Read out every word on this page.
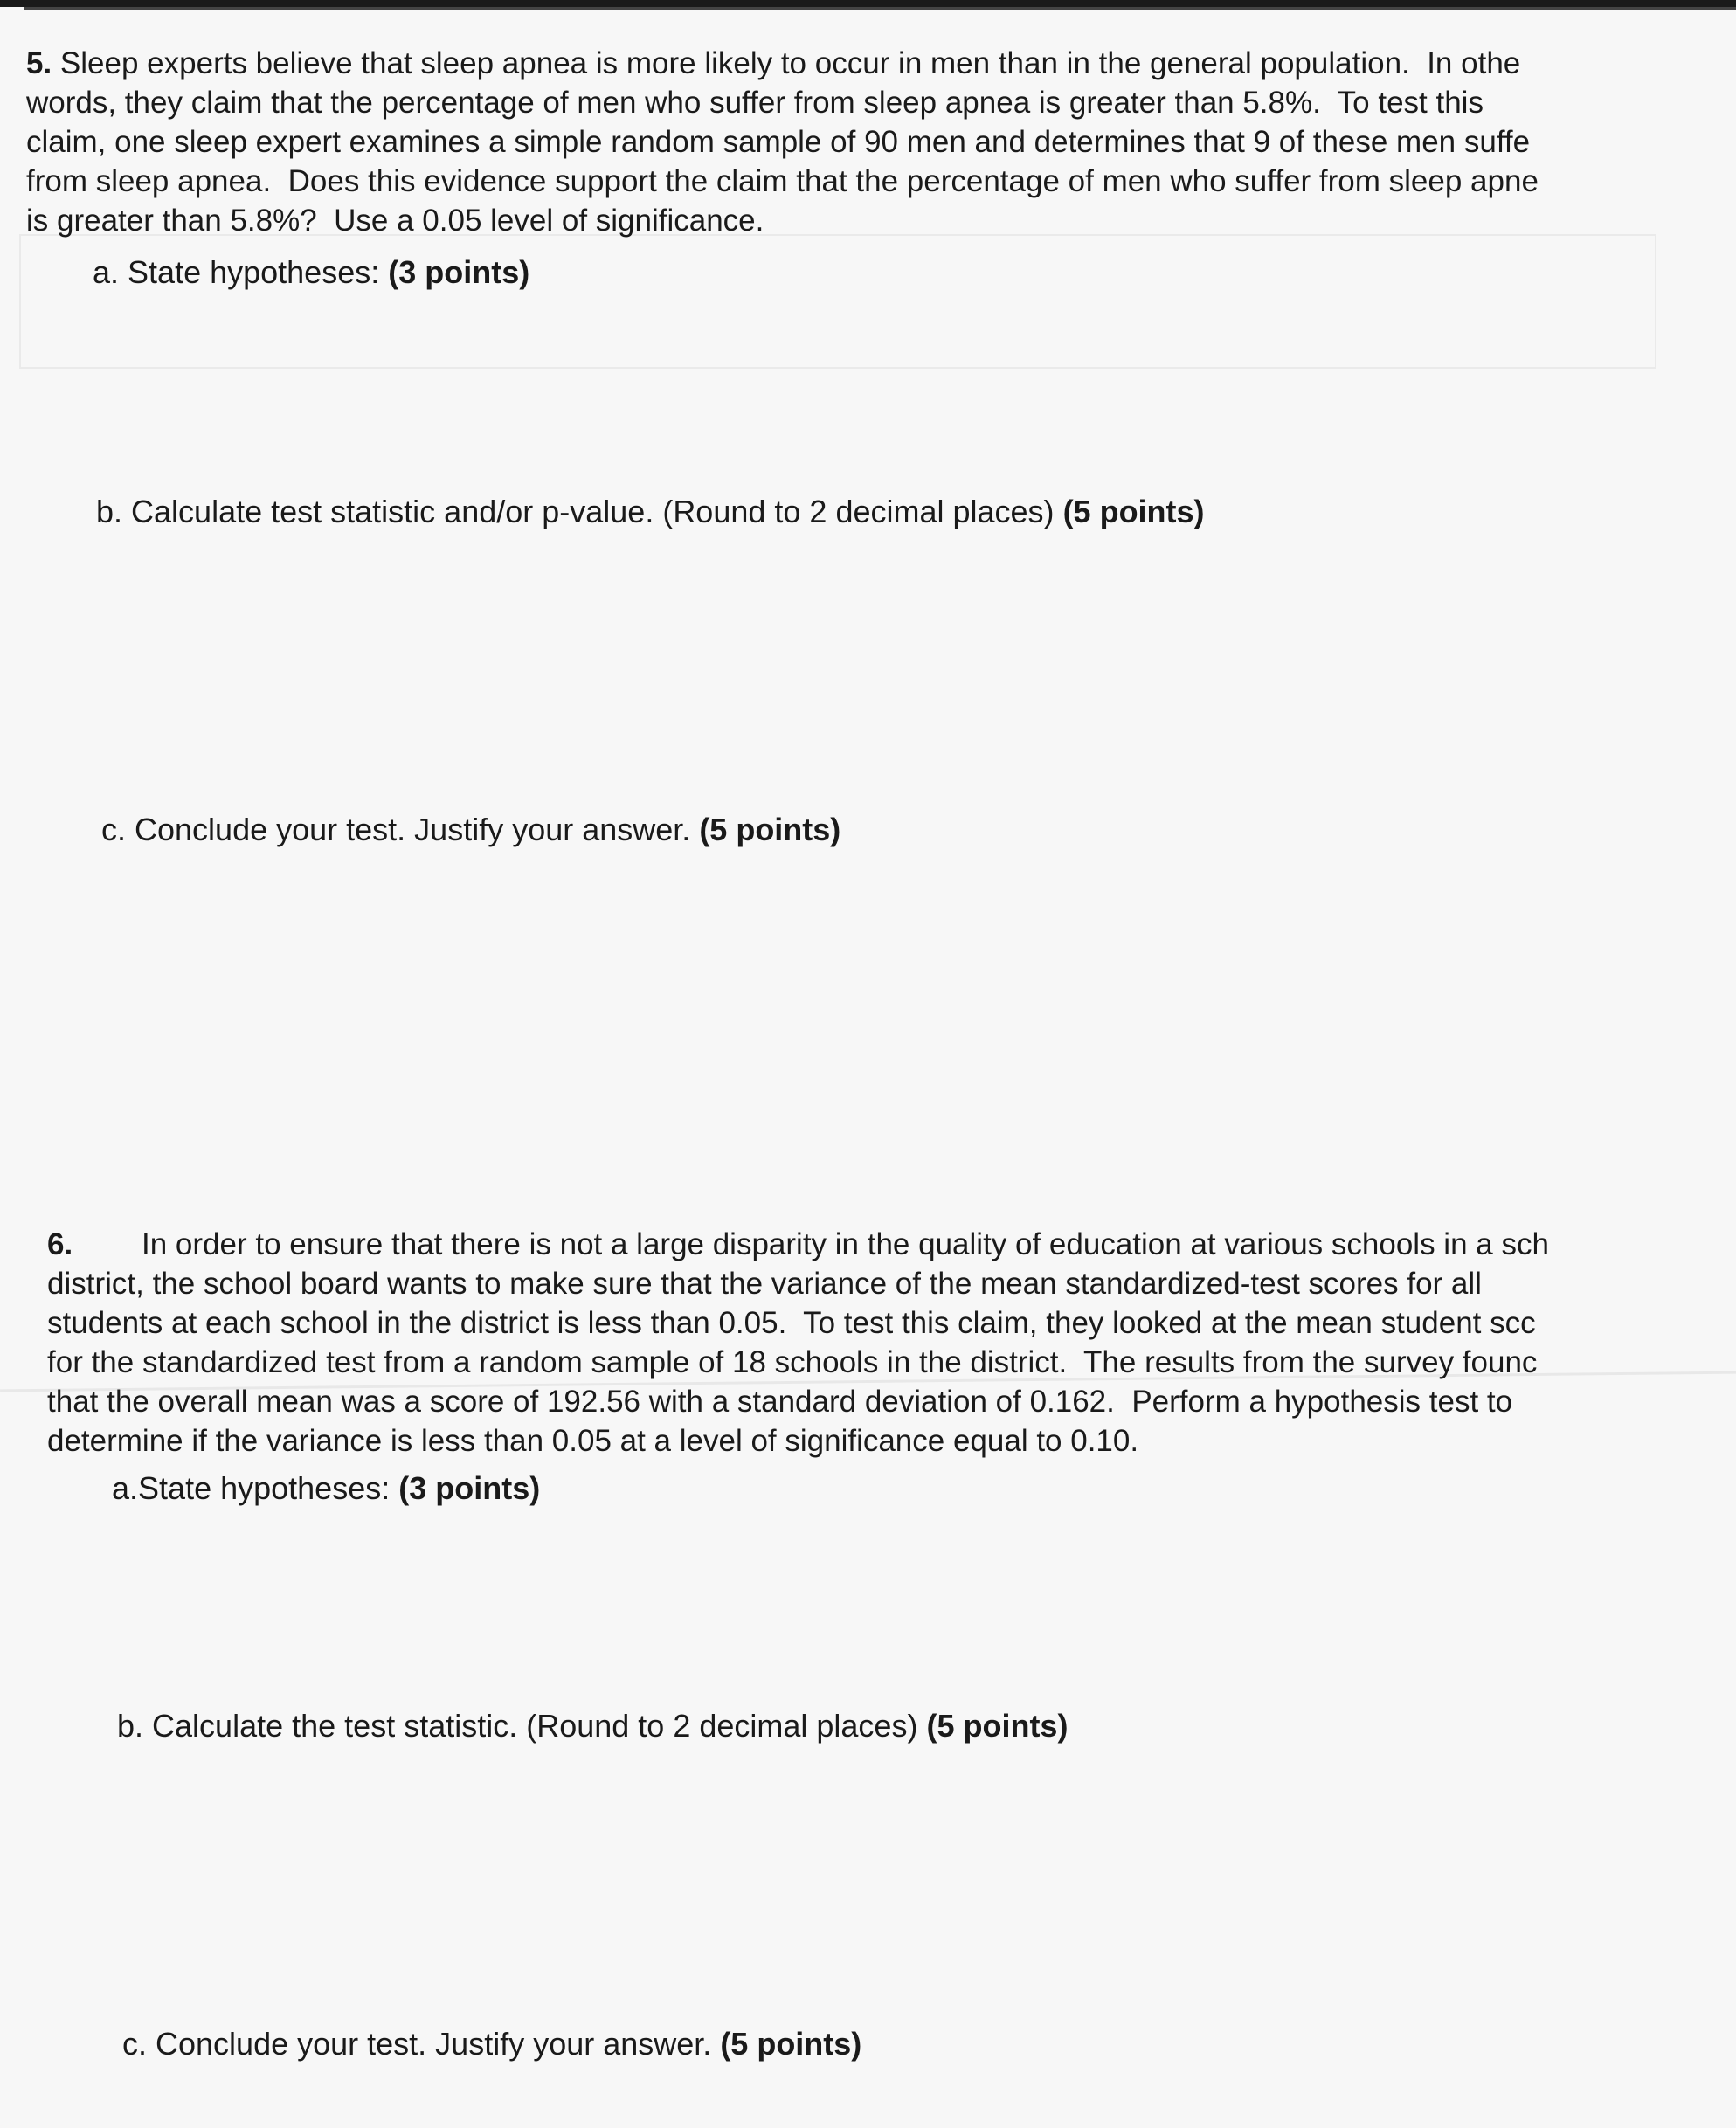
5. Sleep experts believe that sleep apnea is more likely to occur in men than in the general population.  In othe
words, they claim that the percentage of men who suffer from sleep apnea is greater than 5.8%.  To test this
claim, one sleep expert examines a simple random sample of 90 men and determines that 9 of these men suffe
from sleep apnea.  Does this evidence support the claim that the percentage of men who suffer from sleep apne
is greater than 5.8%?  Use a 0.05 level of significance.
a. State hypotheses: (3 points)
b. Calculate test statistic and/or p-value. (Round to 2 decimal places) (5 points)
c. Conclude your test. Justify your answer. (5 points)
6. In order to ensure that there is not a large disparity in the quality of education at various schools in a sch
district, the school board wants to make sure that the variance of the mean standardized-test scores for all
students at each school in the district is less than 0.05.  To test this claim, they looked at the mean student scc
for the standardized test from a random sample of 18 schools in the district.  The results from the survey founc
that the overall mean was a score of 192.56 with a standard deviation of 0.162.  Perform a hypothesis test to
determine if the variance is less than 0.05 at a level of significance equal to 0.10.
a.State hypotheses: (3 points)
b. Calculate the test statistic. (Round to 2 decimal places) (5 points)
c. Conclude your test. Justify your answer. (5 points)
